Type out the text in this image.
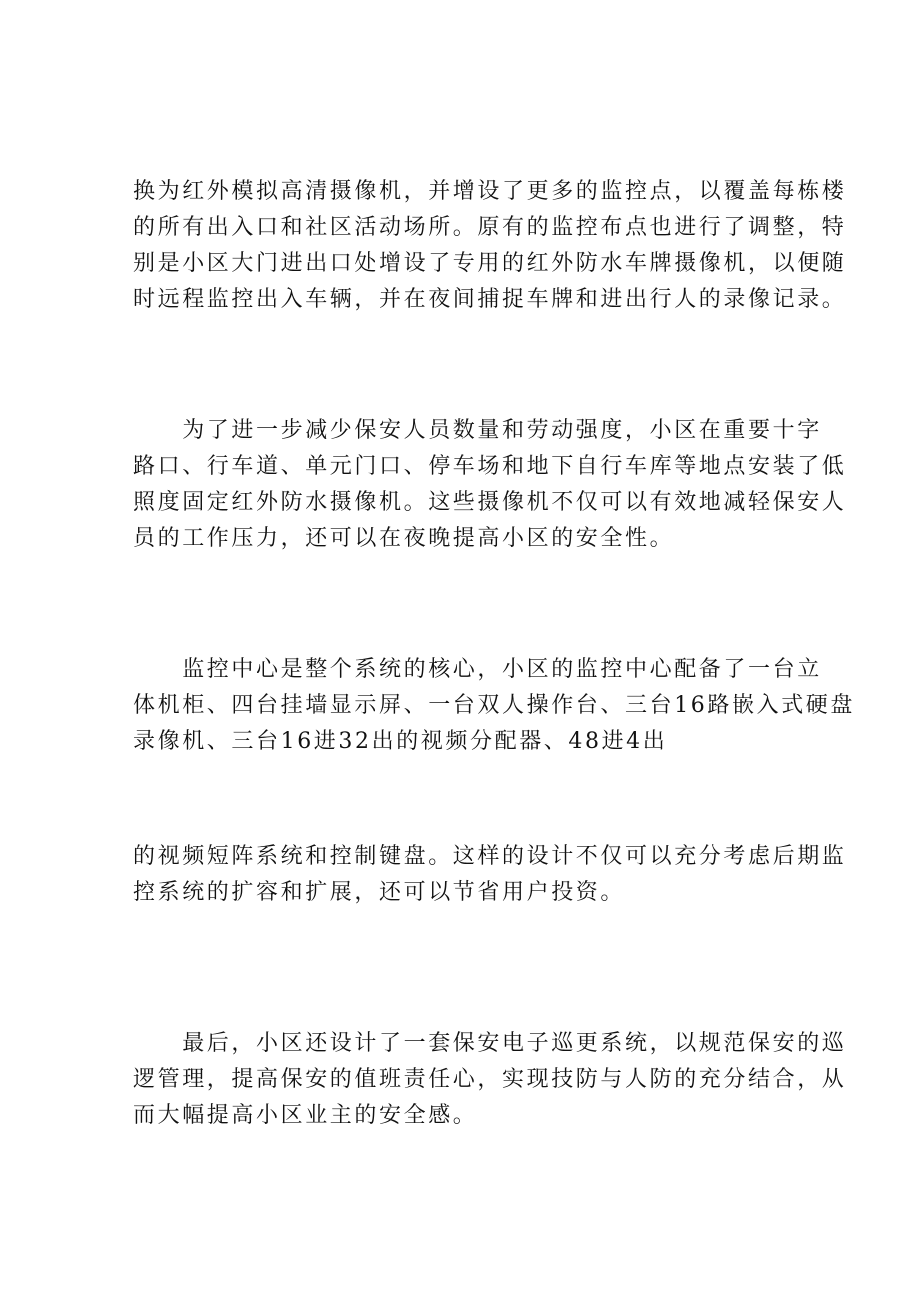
换为红外模拟高清摄像机，并增设了更多的监控点，以覆盖每栋楼
的所有出入口和社区活动场所。原有的监控布点也进行了调整，特
别是小区大门进出口处增设了专用的红外防水车牌摄像机，以便随
时远程监控出入车辆，并在夜间捕捉车牌和进出行人的录像记录。

　　为了进一步减少保安人员数量和劳动强度，小区在重要十字
路口、行车道、单元门口、停车场和地下自行车库等地点安装了低
照度固定红外防水摄像机。这些摄像机不仅可以有效地减轻保安人
员的工作压力，还可以在夜晚提高小区的安全性。

　　监控中心是整个系统的核心，小区的监控中心配备了一台立
体机柜、四台挂墙显示屏、一台双人操作台、三台16路嵌入式硬盘
录像机、三台16进32出的视频分配器、48进4出

的视频短阵系统和控制键盘。这样的设计不仅可以充分考虑后期监
控系统的扩容和扩展，还可以节省用户投资。

　　最后，小区还设计了一套保安电子巡更系统，以规范保安的巡
逻管理，提高保安的值班责任心，实现技防与人防的充分结合，从
而大幅提高小区业主的安全感。
